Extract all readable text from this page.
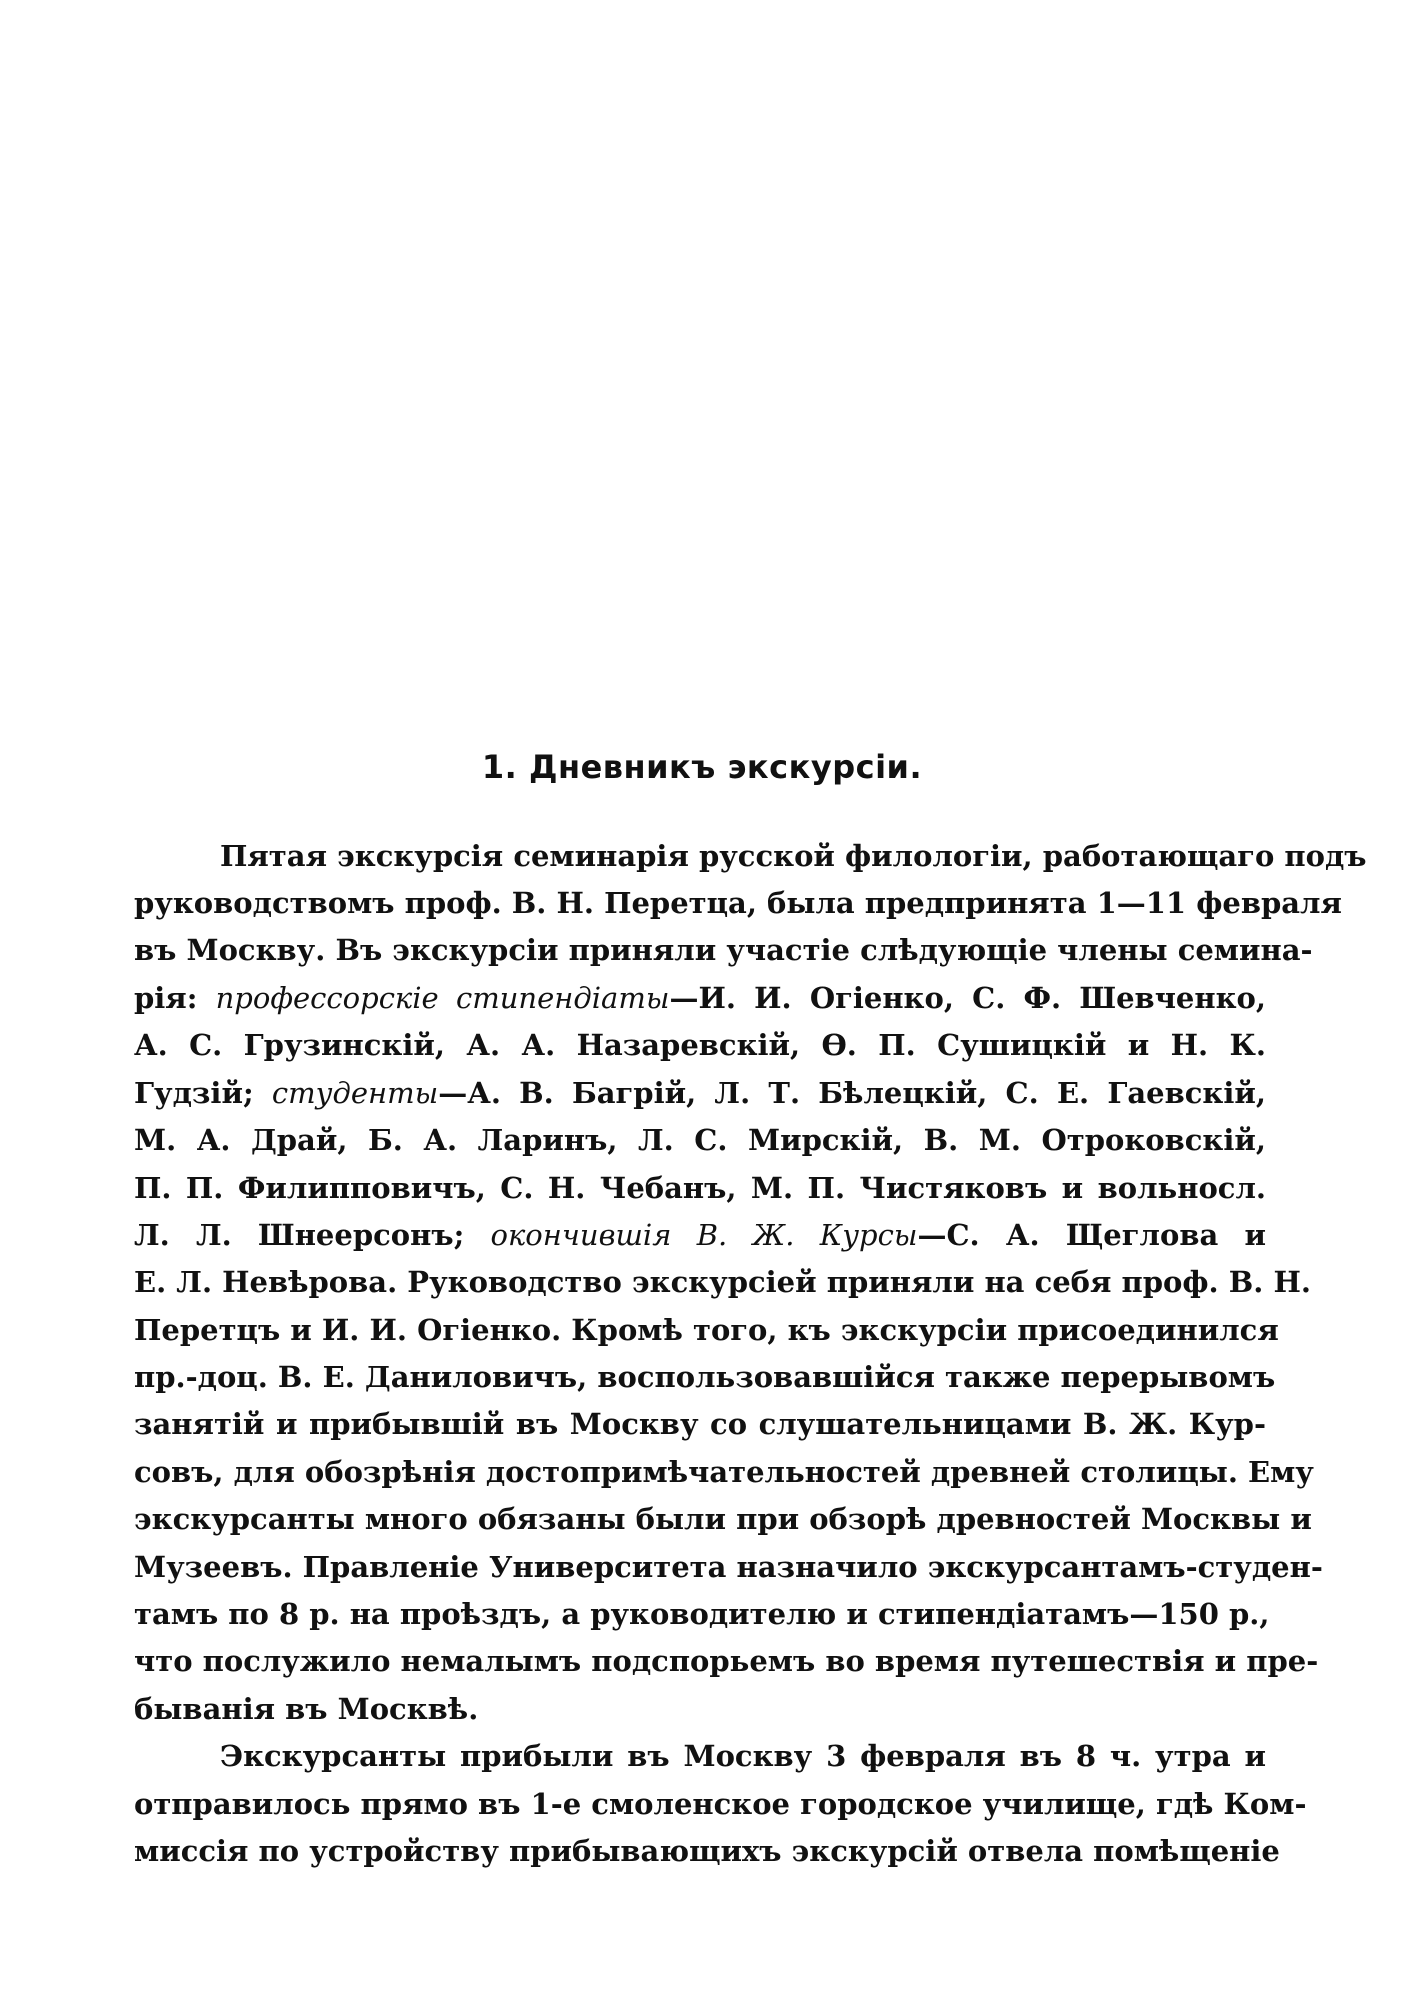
1. Дневникъ экскурсіи.
Пятая экскурсія семинарія русской филологіи, работающаго подъ
руководствомъ проф. В. Н. Перетца, была предпринята 1—11 февраля
въ Москву. Въ экскурсіи приняли участіе слѣдующіе члены семина-
рія: профессорскіе стипендіаты—И. И. Огіенко, С. Ф. Шевченко,
А. С. Грузинскій, А. А. Назаревскій, Ѳ. П. Сушицкій и Н. К.
Гудзій; студенты—А. В. Багрій, Л. Т. Бѣлецкій, С. Е. Гаевскій,
М. А. Драй, Б. А. Ларинъ, Л. С. Мирскій, В. М. Отроковскій,
П. П. Филипповичъ, С. Н. Чебанъ, М. П. Чистяковъ и вольносл.
Л. Л. Шнеерсонъ; окончившія В. Ж. Курсы—С. А. Щеглова и
Е. Л. Невѣрова. Руководство экскурсіей приняли на себя проф. В. Н.
Перетцъ и И. И. Огіенко. Кромѣ того, къ экскурсіи присоединился
пр.-доц. В. Е. Даниловичъ, воспользовавшійся также перерывомъ
занятій и прибывшій въ Москву со слушательницами В. Ж. Кур-
совъ, для обозрѣнія достопримѣчательностей древней столицы. Ему
экскурсанты много обязаны были при обзорѣ древностей Москвы и
Музеевъ. Правленіе Университета назначило экскурсантамъ-студен-
тамъ по 8 р. на проѣздъ, а руководителю и стипендіатамъ—150 р.,
что послужило немалымъ подспорьемъ во время путешествія и пре-
быванія въ Москвѣ.
Экскурсанты прибыли въ Москву 3 февраля въ 8 ч. утра и
отправилось прямо въ 1-е смоленское городское училище, гдѣ Ком-
миссія по устройству прибывающихъ экскурсій отвела помѣщеніе
